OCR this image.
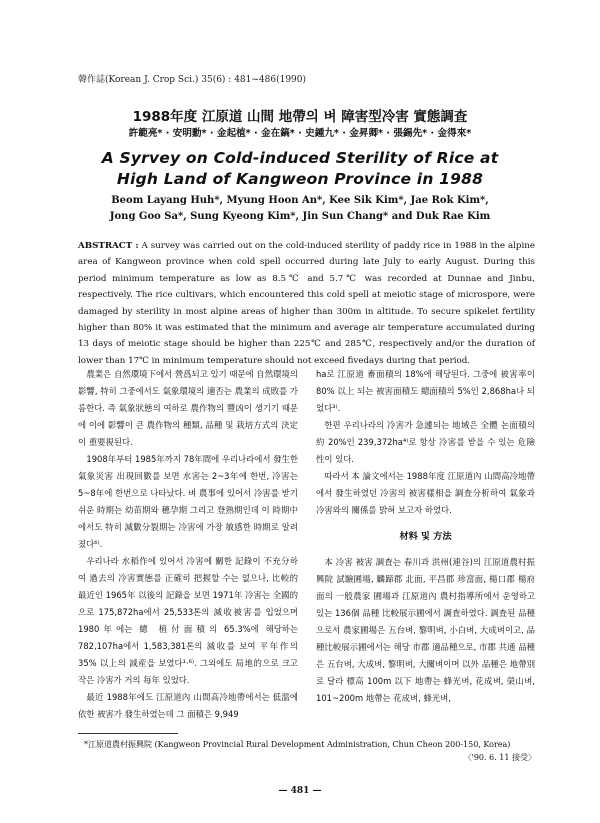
韓作誌(Korean J. Crop Sci.) 35(6) : 481~486(1990)
1988年度 江原道 山間 地帶의 벼 障害型冷害 實態調査
許範亮* · 安明勳* · 金起植* · 金在鎬* · 史鍾九* · 金昇卿* · 張錫先* · 金得來*
A Syrvey on Cold-induced Sterility of Rice at
High Land of Kangweon Province in 1988
Beom Layang Huh*, Myung Hoon An*, Kee Sik Kim*, Jae Rok Kim*,
Jong Goo Sa*, Sung Kyeong Kim*, Jin Sun Chang* and Duk Rae Kim
ABSTRACT : A survey was carried out on the cold-induced sterility of paddy rice in 1988 in the alpine area of Kangweon province when cold spell occurred during late July to early August. During this period minimum temperature as low as 8.5℃ and 5.7℃ was recorded at Dunnae and Jinbu, respectively. The rice cultivars, which encountered this cold spell at meiotic stage of microspore, were damaged by sterility in most alpine areas of higher than 300m in altitude. To secure spikelet fertility higher than 80% it was estimated that the minimum and average air temperature accumulated during 13 days of meiotic stage should be higher than 225℃ and 285℃, respectively and/or the duration of lower than 17℃ in minimum temperature should not exceed fivedays during that period.

農業은 自然環境下에서 營爲되고 있기 때문에 自然環境의 影響, 特히 그중에서도 氣象環境의 適否는 農業의 成敗를 가름한다. 즉 氣象狀態의 여하로 農作物의 豐凶이 생기기 때문에 이에 影響이 큰 農作物의 種類, 品種 및 栽培方式의 決定이 重要視된다.

1908年부터 1985年까지 78年間에 우리나라에서 發生한 氣象災害 出現回數를 보면 水害는 2~3年에 한번, 冷害는 5~8年에 한번으로 나타났다. 벼 農事에 있어서 冷害를 받기쉬운 時期는 幼苗期와 穗孕期 그리고 登熟期인데 이 時期中에서도 特히 減數分裂期는 冷害에 가장 敏感한 時期로 알려졌다⁶⁾.

우리나라 水稻作에 있어서 冷害에 關한 記錄이 不充分하여 過去의 冷害實態를 正確히 把握할 수는 없으나, 比較的 最近인 1965年 以後의 記錄을 보면 1971年 冷害는 全國的으로 175,872ha에서 25,533톤의 減收被害를 입었으며 1980年에는 總 植付面積의 65.3%에 해당하는 782,107ha에서 1,583,381톤의 減收를 보여 平年作의 35% 以上의 減産을 보였다¹·⁶⁾. 그외에도 局地的으로 크고 작은 冷害가 거의 每年 있었다.

最近 1988年에도 江原道內 山間高冷地帶에서는 低溫에 依한 被害가 發生하였는데 그 面積은 9,949

ha로 江原道 畜面積의 18%에 해당된다. 그중에 被害率이 80% 以上 되는 被害面積도 總面積의 5%인 2,868ha나 되었다³⁾.

한편 우리나라의 冷害가 急遽되는 地域은 全體 논面積의 約 20%인 239,372ha⁴⁾로 항상 冷害를 받을 수 있는 危險性이 있다.

따라서 本 論文에서는 1988年度 江原道內 山間高冷地帶에서 發生하였던 冷害의 被害樣相을 調査分析하여 氣象과 冷害와의 關係를 밝혀 보고자 하였다.

材料 및 方法

本 冷害 被害 調査는 春川과 洪州(連谷)의 江原道農村振興院 試驗圃場, 麟蹄郡 北面, 平昌郡 珍富面, 楊口郡 楊府面의 一般農家 圃場과 江原道內 農村指導所에서 운영하고 있는 136個 品種 比較展示圃에서 調査하였다. 調査된 品種으로서 農家圃場은 五台벼, 黎明벼, 小白벼, 大成벼이고, 品種比較展示圃에서는 해당 市郡 適品種으로, 市郡 共通 品種은 五台벼, 大成벼, 黎明벼, 大關벼이며 以外 品種은 地帶別로 달라 標高 100m 以下 地帶는 蜂光벼, 花成벼, 榮山벼, 101~200m 地帶는 花成벼, 蜂光벼,

*江原道農村振興院 (Kangweon Provincial Rural Development Administration, Chun Cheon 200-150, Korea)
〈'90. 6. 11 接受〉
— 481 —
